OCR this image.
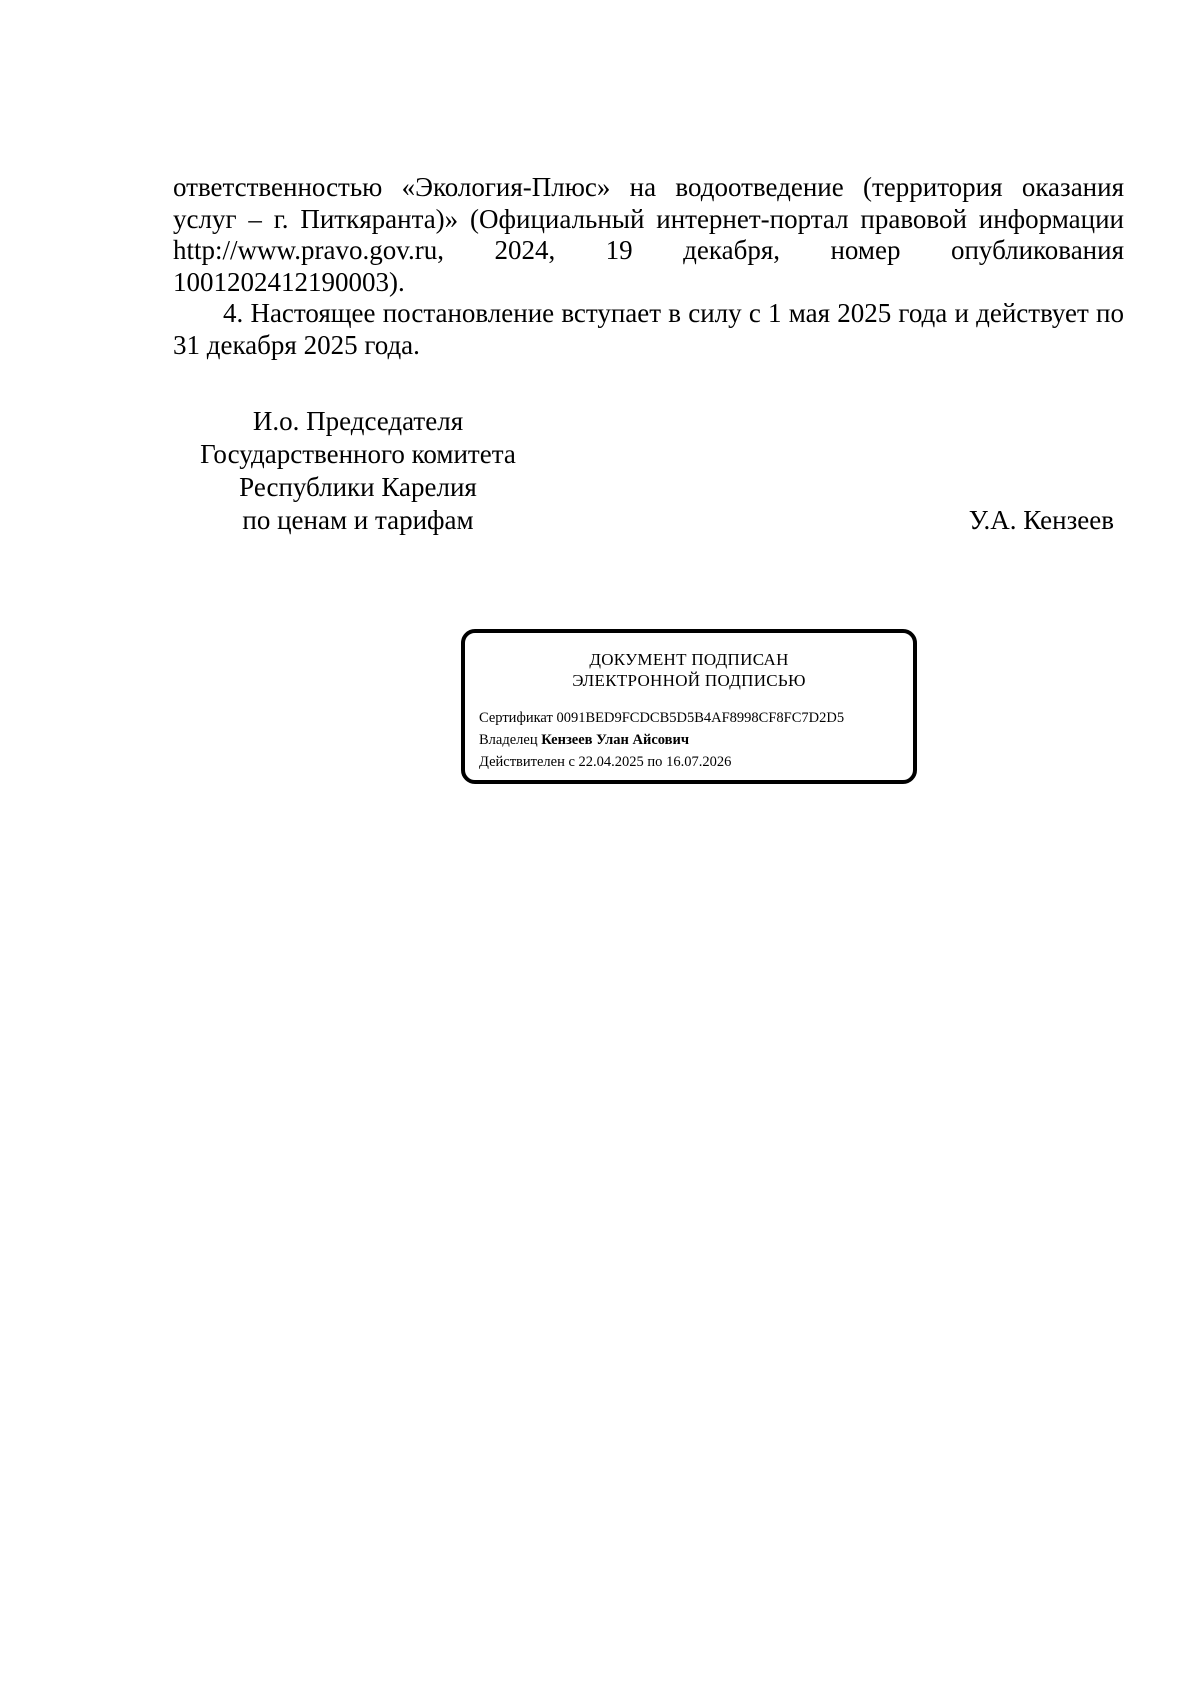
ответственностью «Экология-Плюс» на водоотведение (территория оказания услуг – г. Питкяранта)» (Официальный интернет-портал правовой информации http://www.pravo.gov.ru, 2024, 19 декабря, номер опубликования 1001202412190003).

4. Настоящее постановление вступает в силу с 1 мая 2025 года и действует по 31 декабря 2025 года.

И.о. Председателя
Государственного комитета
Республики Карелия
по ценам и тарифам	У.А. Кензеев
ДОКУМЕНТ ПОДПИСАН
ЭЛЕКТРОННОЙ ПОДПИСЬЮ
Сертификат 0091BED9FCDCB5D5B4AF8998CF8FC7D2D5
Владелец Кензеев Улан Айсович
Действителен с 22.04.2025 по 16.07.2026
